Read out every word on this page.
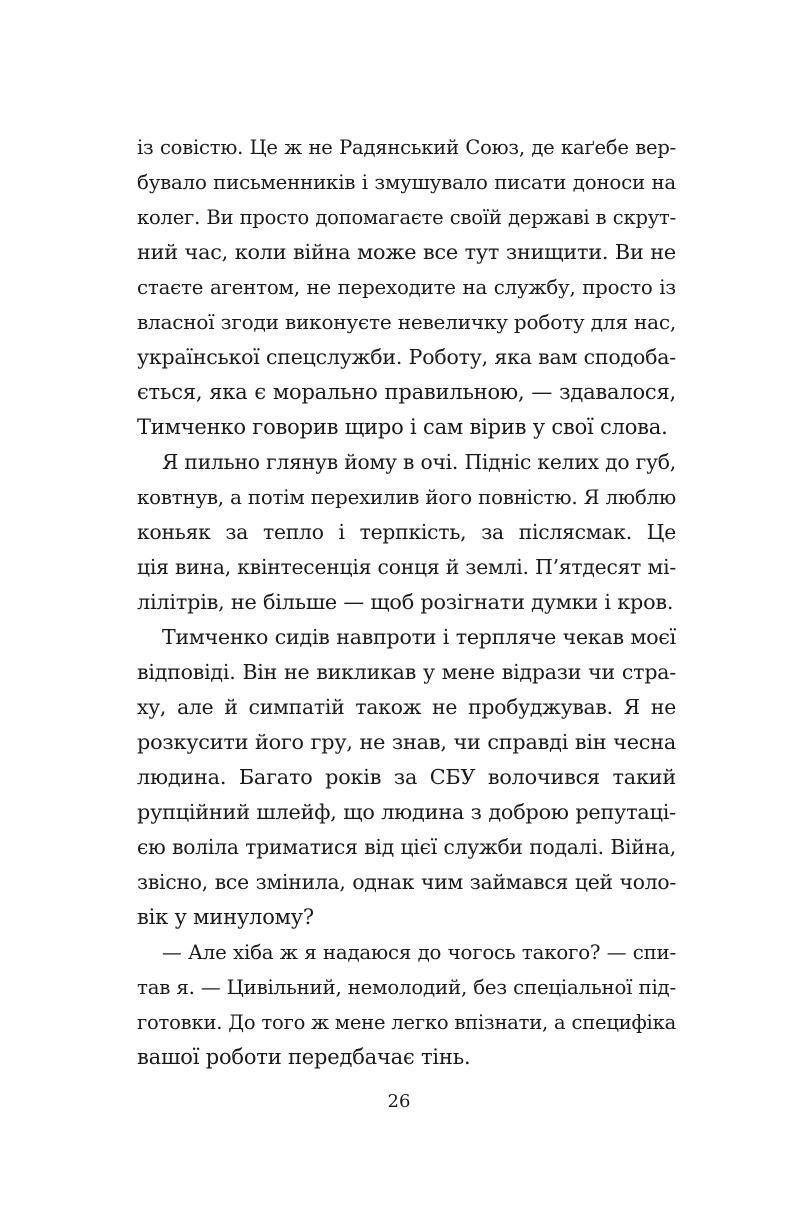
із совістю. Це ж не Радянський Союз, де каґебе вер-
бувало письменників і змушувало писати доноси на
колег. Ви просто допомагаєте своїй державі в скрут-
ний час, коли війна може все тут знищити. Ви не
стаєте агентом, не переходите на службу, просто із
власної згоди виконуєте невеличку роботу для нас,
української спецслужби. Роботу, яка вам сподоба-
ється, яка є морально правильною, — здавалося,
Тимченко говорив щиро і сам вірив у свої слова.
Я пильно глянув йому в очі. Підніс келих до губ,
ковтнув, а потім перехилив його повністю. Я люблю
коньяк за тепло і терпкість, за післясмак. Це
ція вина, квінтесенція сонця й землі. П’ятдесят мі-
лілітрів, не більше — щоб розігнати думки і кров.
Тимченко сидів навпроти і терпляче чекав моєї
відповіді. Він не викликав у мене відрази чи стра-
ху, але й симпатій також не пробуджував. Я не
розкусити його гру, не знав, чи справді він чесна
людина. Багато років за СБУ волочився такий
рупційний шлейф, що людина з доброю репутаці-
єю воліла триматися від цієї служби подалі. Війна,
звісно, все змінила, однак чим займався цей чоло-
вік у минулому?
— Але хіба ж я надаюся до чогось такого? — спи-
тав я. — Цивільний, немолодий, без спеціальної під-
готовки. До того ж мене легко впізнати, а специфіка
вашої роботи передбачає тінь.
26
